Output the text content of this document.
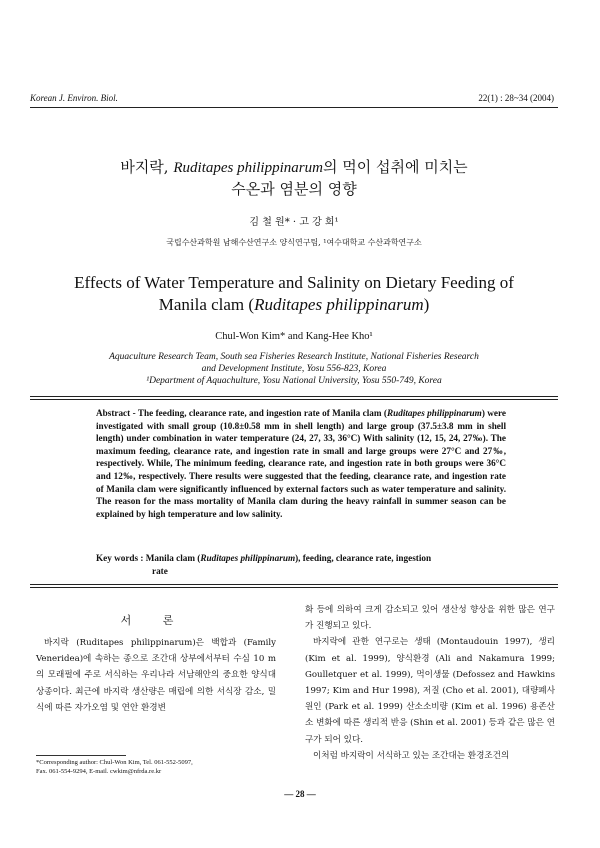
Korean J. Environ. Biol.	22(1) : 28~34 (2004)
바지락, Ruditapes philippinarum의 먹이 섭취에 미치는
수온과 염분의 영향
김 철 원* · 고 강 희¹
국립수산과학원 남해수산연구소 양식연구팀, ¹여수대학교 수산과학연구소
Effects of Water Temperature and Salinity on Dietary Feeding of
Manila clam (Ruditapes philippinarum)
Chul-Won Kim* and Kang-Hee Kho¹
Aquaculture Research Team, South sea Fisheries Research Institute, National Fisheries Research
and Development Institute, Yosu 556-823, Korea
¹Department of Aquachulture, Yosu National University, Yosu 550-749, Korea
Abstract - The feeding, clearance rate, and ingestion rate of Manila clam (Ruditapes philippinarum) were investigated with small group (10.8±0.58 mm in shell length) and large group (37.5±3.8 mm in shell length) under combination in water temperature (24, 27, 33, 36°C) With salinity (12, 15, 24, 27‰). The maximum feeding, clearance rate, and ingestion rate in small and large groups were 27°C and 27‰, respectively. While, The minimum feeding, clearance rate, and ingestion rate in both groups were 36°C and 12‰, respectively. There results were suggested that the feeding, clearance rate, and ingestion rate of Manila clam were significantly influenced by external factors such as water temperature and salinity. The reason for the mass mortality of Manila clam during the heavy rainfall in summer season can be explained by high temperature and low salinity.
Key words : Manila clam (Ruditapes philippinarum), feeding, clearance rate, ingestion
rate
서 론
바지락 (Ruditapes philippinarum)은 백합과 (Family Veneridea)에 속하는 종으로 조간대 상부에서부터 수심 10 m의 모래펄에 주로 서식하는 우리나라 서남해안의 중요한 양식대상종이다. 최근에 바지락 생산량은 매립에 의한 서식장 감소, 밀식에 따른 자가오염 및 연안 환경변

화 등에 의하여 크게 감소되고 있어 생산성 향상을 위한 많은 연구가 진행되고 있다.

바지락에 관한 연구로는 생태 (Montaudouin 1997), 생리 (Kim et al. 1999), 양식환경 (Ali and Nakamura 1999; Goulletquer et al. 1999), 먹이생물 (Defossez and Hawkins 1997; Kim and Hur 1998), 저질 (Cho et al. 2001), 대량폐사 원인 (Park et al. 1999) 산소소비량 (Kim et al. 1996) 용존산소 변화에 따른 생리적 반응 (Shin et al. 2001) 등과 같은 많은 연구가 되어 있다.

이처럼 바지락이 서식하고 있는 조간대는 환경조건의

*Corresponding author: Chul-Won Kim, Tel. 061-552-5097,
Fax. 061-554-9294, E-mail. cwkim@nfrda.re.kr
— 28 —
